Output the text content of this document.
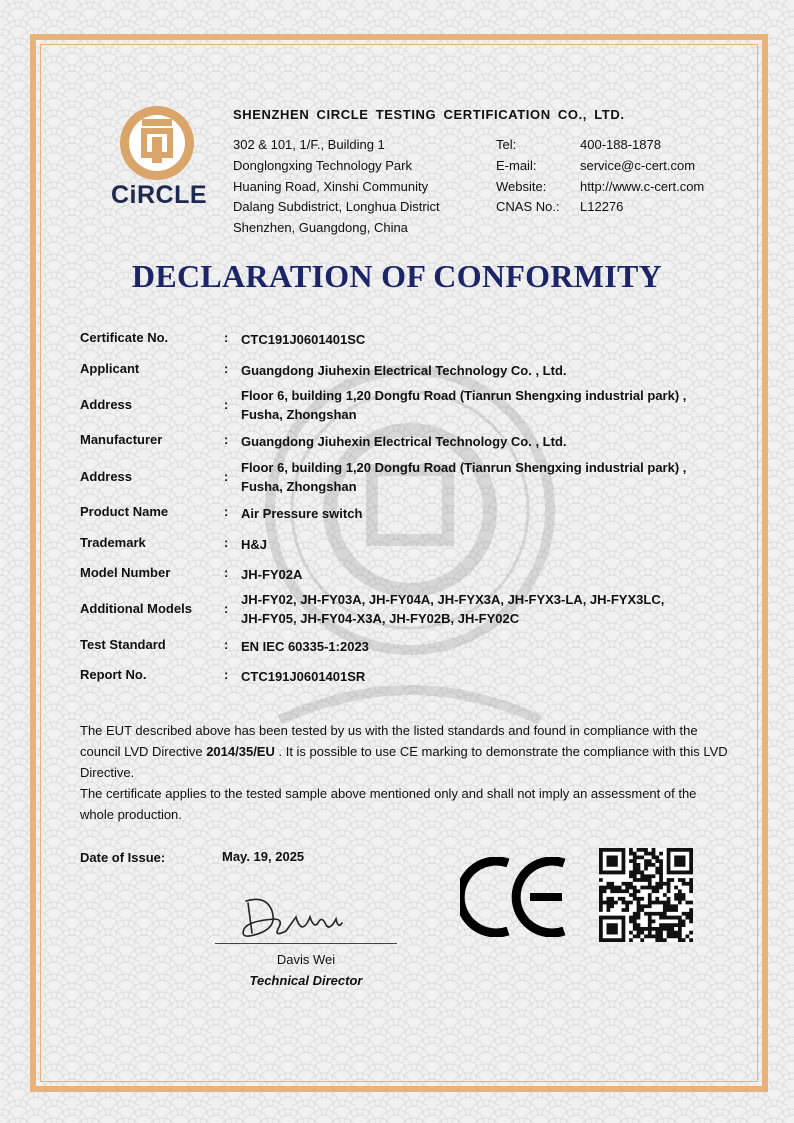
CiRCLE
SHENZHEN CIRCLE TESTING CERTIFICATION CO., LTD.
302 & 101, 1/F., Building 1
Donglongxing Technology Park
Huaning Road, Xinshi Community
Dalang Subdistrict, Longhua District
Shenzhen, Guangdong, China
Tel:	400-188-1878
E-mail:	service@c-cert.com
Website:	http://www.c-cert.com
CNAS No.:	L12276
DECLARATION OF CONFORMITY
Certificate No.	: CTC191J0601401SC
Applicant	: Guangdong Jiuhexin Electrical Technology Co. , Ltd.
Address	:
Floor 6, building 1,20 Dongfu Road (Tianrun Shengxing industrial park) ,
Fusha, Zhongshan
Manufacturer	: Guangdong Jiuhexin Electrical Technology Co. , Ltd.
Address	:
Floor 6, building 1,20 Dongfu Road (Tianrun Shengxing industrial park) ,
Fusha, Zhongshan
Product Name	: Air Pressure switch
Trademark	: H&J
Model Number	: JH-FY02A
Additional Models :
JH-FY02, JH-FY03A, JH-FY04A, JH-FYX3A, JH-FYX3-LA, JH-FYX3LC,
JH-FY05, JH-FY04-X3A, JH-FY02B, JH-FY02C
Test Standard	: EN IEC 60335-1:2023
Report No.	: CTC191J0601401SR
The EUT described above has been tested by us with the listed standards and found in compliance with the council LVD Directive 2014/35/EU . It is possible to use CE marking to demonstrate the compliance with this LVD Directive.
The certificate applies to the tested sample above mentioned only and shall not imply an assessment of the whole production.
Date of Issue:	May. 19, 2025
Davis Wei
Technical Director
